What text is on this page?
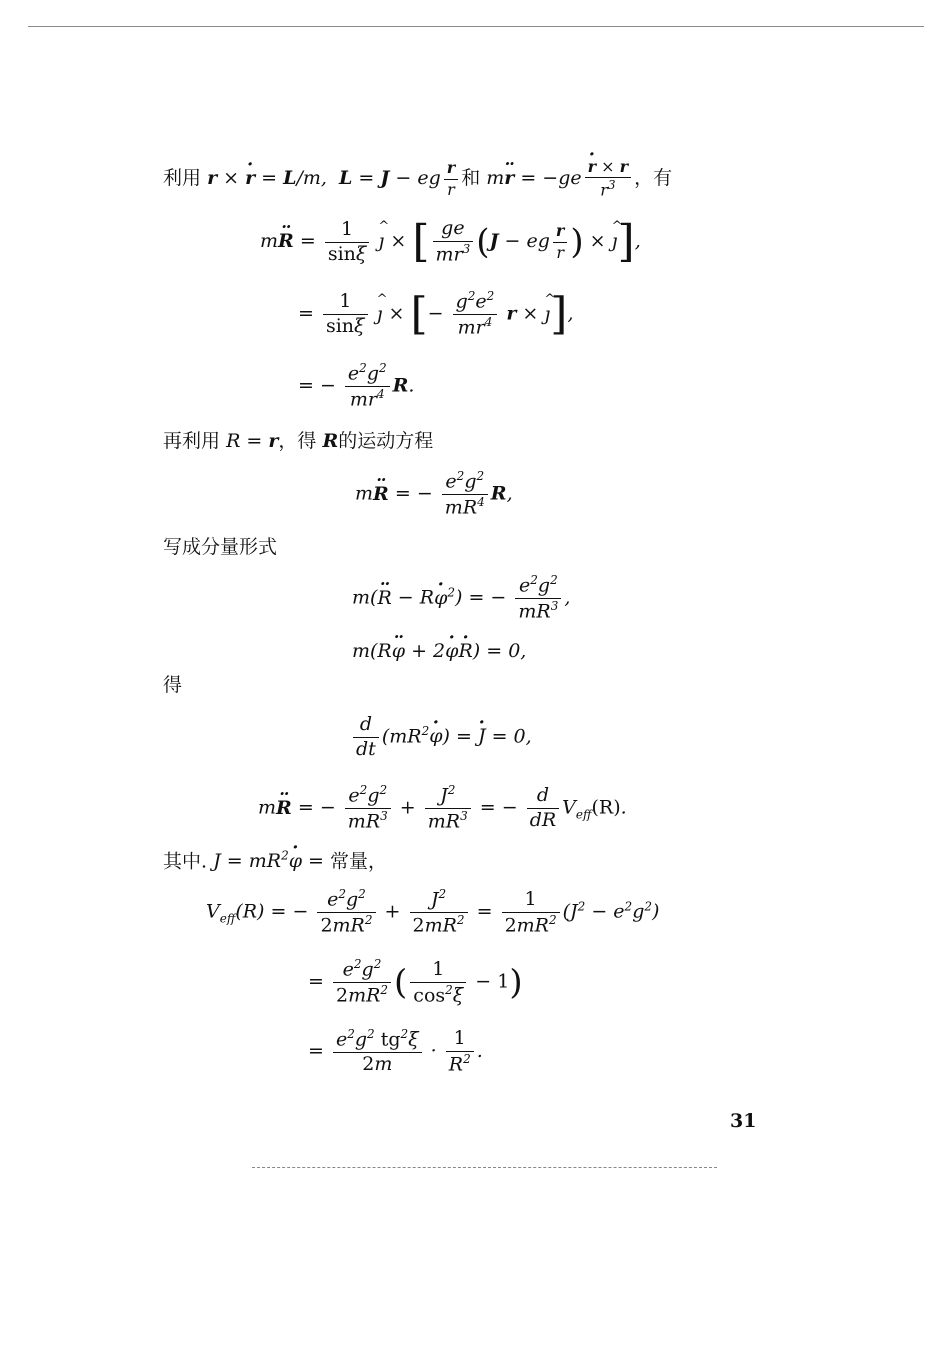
利用 r × · r = L/m, L = J − eg $\frac{r}{r}$ 和 m·· r = −ge
· $\frac{r \times r}{r^3}$ ，有
$m\cdot\cdot R = \frac{1}{\sin\xi}$
^ ȷ × [ $\frac{ge}{mr^3} (J$ − eg $\frac{r}{r}$ ) × ^ ȷ],
= $\frac{1}{\sin\xi}$
^ ȷ × [− $\frac{g^2e^2}{mr^4}$ r × ^ ȷ],
= − $\frac{e^2g^2}{mr^4} R$.
再利用 R = r，得 R的运动方程
m·· R = − $\frac{e^2g^2}{mR^4} R$,
写成分量形式
$m(\cdot\cdot R - R\cdot \varphi^2)$ = − $\frac{e^2g^2}{mR^3}$ ,
m(R·· φ + 2· φ· R) = 0,
得
$\frac{d}{dt} (mR^2\cdot \varphi)$ = · J = 0,
m·· R = − $\frac{e^2g^2}{mR^3} + \frac{J^2}{mR^3}$ = − $\frac{d}{dR} V_{eff}(R)$.
其中. $J = mR^2\cdot \varphi$ = 常量，
$V_{eff}(R)$ = − $\frac{e^2g^2}{2mR^2} + \frac{J^2}{2mR^2} = \frac{1}{2mR^2} (J^2 - e^2g^2)$
= $\frac{e^2g^2}{2mR^2}$ ( $\frac{1}{\cos^2\xi} - 1$)
= $\frac{e^2g^2 tg^2\xi}{2m} \cdot \frac{1}{R^2}$ .
31
